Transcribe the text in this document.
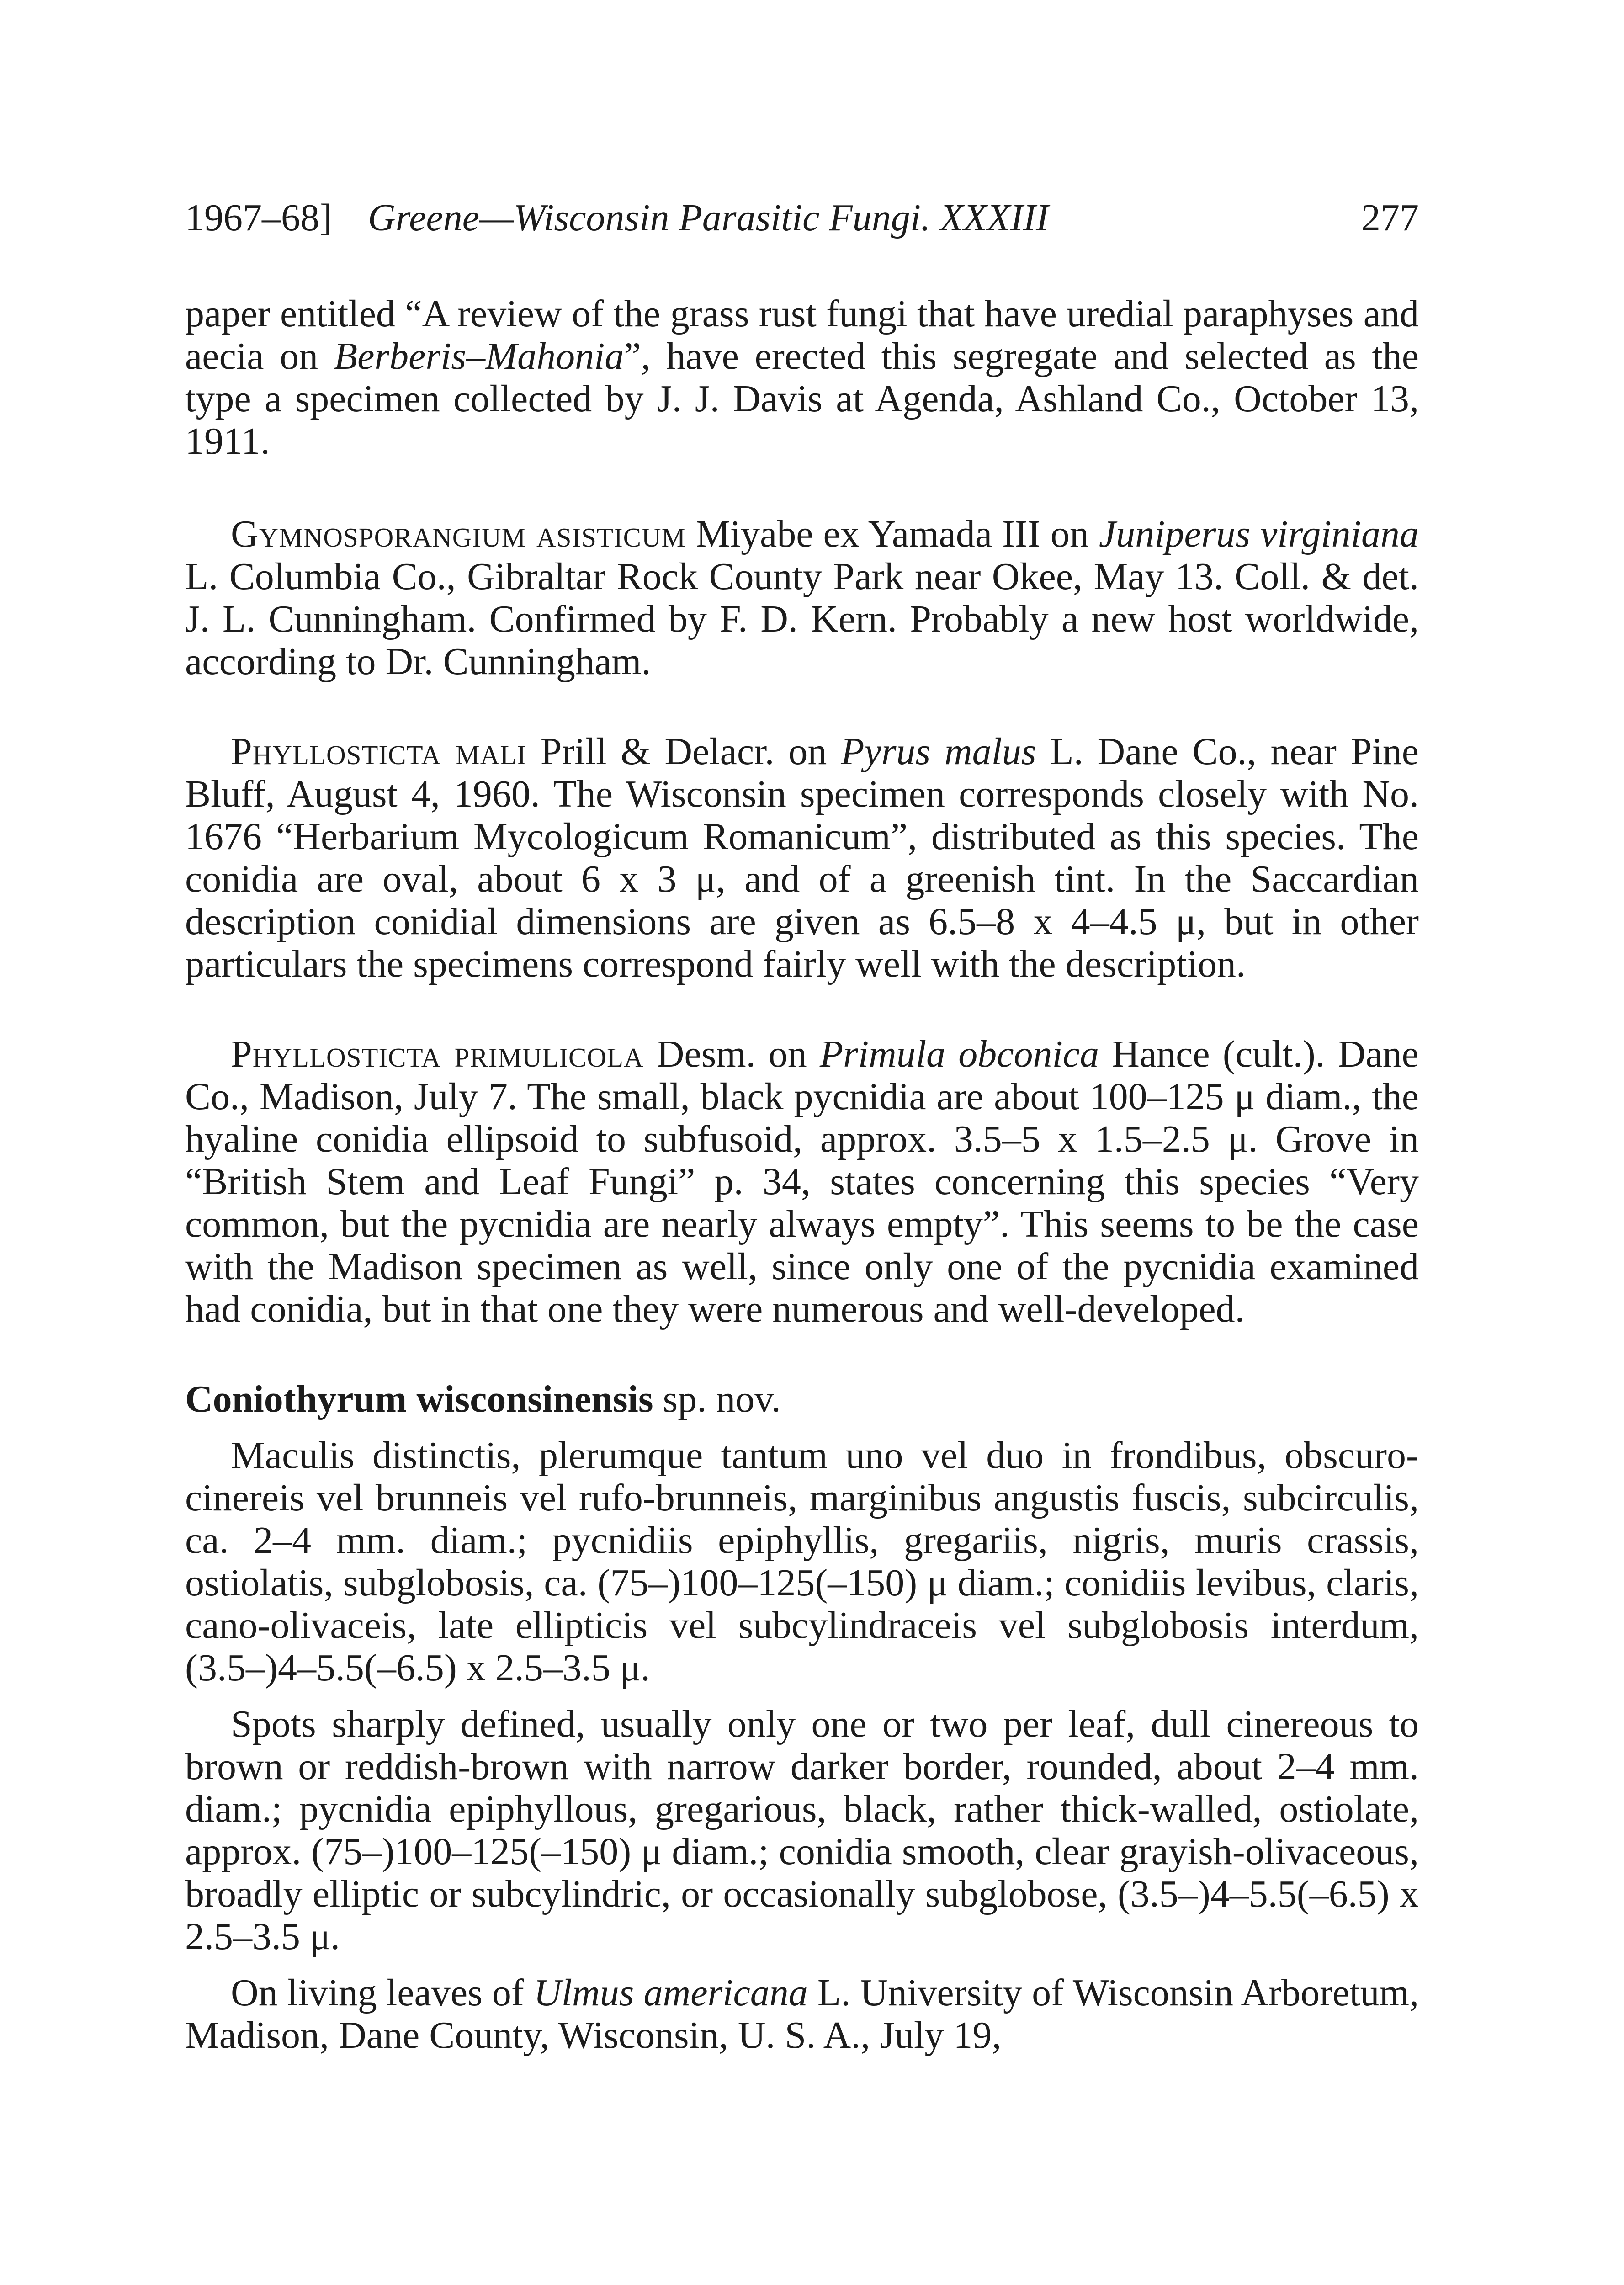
1967–68] Greene—Wisconsin Parasitic Fungi. XXXIII	277

paper entitled “A review of the grass rust fungi that have uredial paraphyses and aecia on Berberis–Mahonia”, have erected this segregate and selected as the type a specimen collected by J. J. Davis at Agenda, Ashland Co., October 13, 1911.

Gymnosporangium asisticum Miyabe ex Yamada III on Juniperus virginiana L. Columbia Co., Gibraltar Rock County Park near Okee, May 13. Coll. & det. J. L. Cunningham. Confirmed by F. D. Kern. Probably a new host worldwide, according to Dr. Cunningham.

Phyllosticta mali Prill & Delacr. on Pyrus malus L. Dane Co., near Pine Bluff, August 4, 1960. The Wisconsin specimen corresponds closely with No. 1676 “Herbarium Mycologicum Romanicum”, distributed as this species. The conidia are oval, about 6 x 3 μ, and of a greenish tint. In the Saccardian description conidial dimensions are given as 6.5–8 x 4–4.5 μ, but in other particulars the specimens correspond fairly well with the description.

Phyllosticta primulicola Desm. on Primula obconica Hance (cult.). Dane Co., Madison, July 7. The small, black pycnidia are about 100–125 μ diam., the hyaline conidia ellipsoid to subfusoid, approx. 3.5–5 x 1.5–2.5 μ. Grove in “British Stem and Leaf Fungi” p. 34, states concerning this species “Very common, but the pycnidia are nearly always empty”. This seems to be the case with the Madison specimen as well, since only one of the pycnidia examined had conidia, but in that one they were numerous and well-developed.

Coniothyrum wisconsinensis sp. nov.

Maculis distinctis, plerumque tantum uno vel duo in frondibus, obscuro-cinereis vel brunneis vel rufo-brunneis, marginibus angustis fuscis, subcirculis, ca. 2–4 mm. diam.; pycnidiis epiphyllis, gregariis, nigris, muris crassis, ostiolatis, subglobosis, ca. (75–)100–125(–150) μ diam.; conidiis levibus, claris, cano-olivaceis, late ellipticis vel subcylindraceis vel subglobosis interdum, (3.5–)4–5.5(–6.5) x 2.5–3.5 μ.

Spots sharply defined, usually only one or two per leaf, dull cinereous to brown or reddish-brown with narrow darker border, rounded, about 2–4 mm. diam.; pycnidia epiphyllous, gregarious, black, rather thick-walled, ostiolate, approx. (75–)100–125(–150) μ diam.; conidia smooth, clear grayish-olivaceous, broadly elliptic or subcylindric, or occasionally subglobose, (3.5–)4–5.5(–6.5) x 2.5–3.5 μ.

On living leaves of Ulmus americana L. University of Wisconsin Arboretum, Madison, Dane County, Wisconsin, U. S. A., July 19,
